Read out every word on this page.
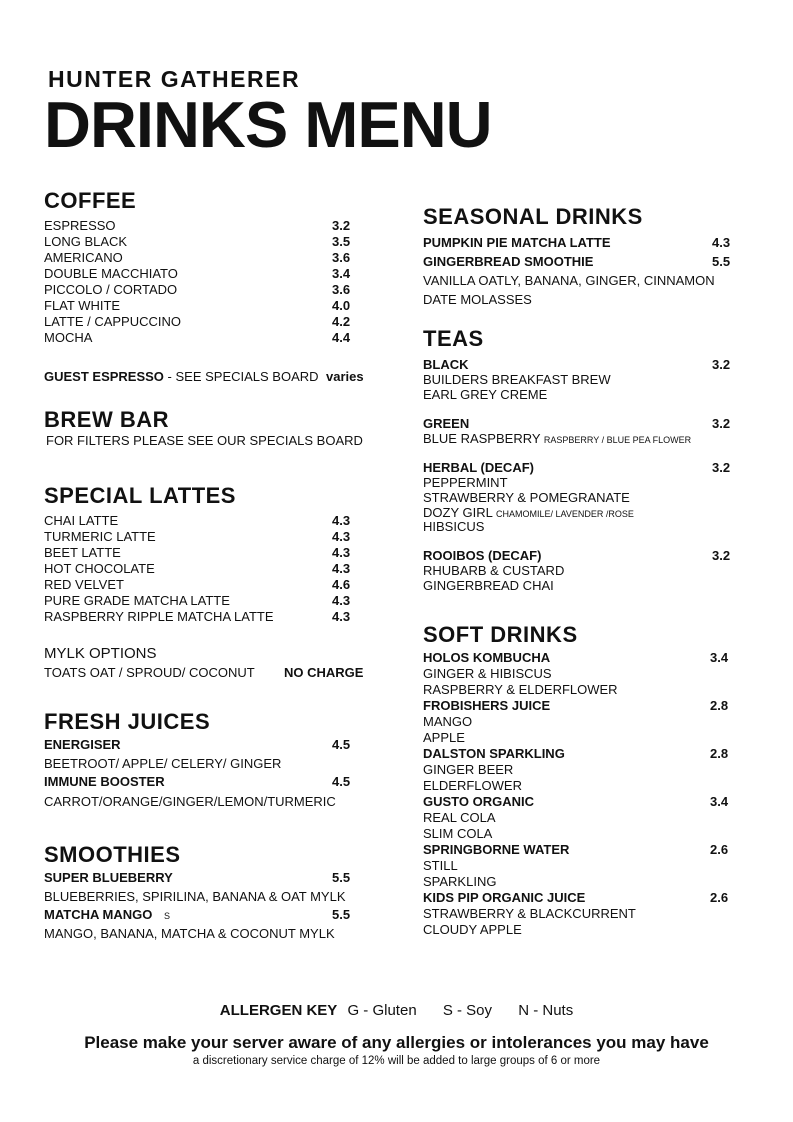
HUNTER GATHERER
DRINKS MENU
COFFEE
ESPRESSO	3.2
LONG BLACK	3.5
AMERICANO	3.6
DOUBLE MACCHIATO	3.4
PICCOLO / CORTADO	3.6
FLAT WHITE	4.0
LATTE / CAPPUCCINO	4.2
MOCHA	4.4
GUEST ESPRESSO - SEE SPECIALS BOARD varies
BREW BAR
FOR FILTERS PLEASE SEE OUR SPECIALS BOARD
SPECIAL LATTES
CHAI LATTE	4.3
TURMERIC LATTE	4.3
BEET LATTE	4.3
HOT CHOCOLATE	4.3
RED VELVET	4.6
PURE GRADE MATCHA LATTE	4.3
RASPBERRY RIPPLE MATCHA LATTE	4.3
MYLK OPTIONS
TOATS OAT / SPROUD/ COCONUT NO CHARGE
FRESH JUICES
ENERGISER	4.5
BEETROOT/ APPLE/ CELERY/ GINGER
IMMUNE BOOSTER	4.5
CARROT/ORANGE/GINGER/LEMON/TURMERIC
SMOOTHIES
SUPER BLUEBERRY	5.5
BLUEBERRIES, SPIRILINA, BANANA & OAT MYLK
MATCHA MANGO S	5.5
MANGO, BANANA, MATCHA & COCONUT MYLK
SEASONAL DRINKS
PUMPKIN PIE MATCHA LATTE	4.3
GINGERBREAD SMOOTHIE	5.5
VANILLA OATLY, BANANA, GINGER, CINNAMON
DATE MOLASSES
TEAS
BLACK	3.2
BUILDERS BREAKFAST BREW
EARL GREY CREME
GREEN	3.2
BLUE RASPBERRY RASPBERRY / BLUE PEA FLOWER
HERBAL (DECAF)	3.2
PEPPERMINT
STRAWBERRY & POMEGRANATE
DOZY GIRL CHAMOMILE/ LAVENDER /ROSE
HIBSICUS
ROOIBOS (DECAF)	3.2
RHUBARB & CUSTARD
GINGERBREAD CHAI
SOFT DRINKS
HOLOS KOMBUCHA	3.4
GINGER & HIBISCUS
RASPBERRY & ELDERFLOWER
FROBISHERS JUICE	2.8
MANGO
APPLE
DALSTON SPARKLING	2.8
GINGER BEER
ELDERFLOWER
GUSTO ORGANIC	3.4
REAL COLA
SLIM COLA
SPRINGBORNE WATER	2.6
STILL
SPARKLING
KIDS PIP ORGANIC JUICE	2.6
STRAWBERRY & BLACKCURRENT
CLOUDY APPLE
ALLERGEN KEY G - Gluten S - Soy N - Nuts
Please make your server aware of any allergies or intolerances you may have
a discretionary service charge of 12% will be added to large groups of 6 or more
